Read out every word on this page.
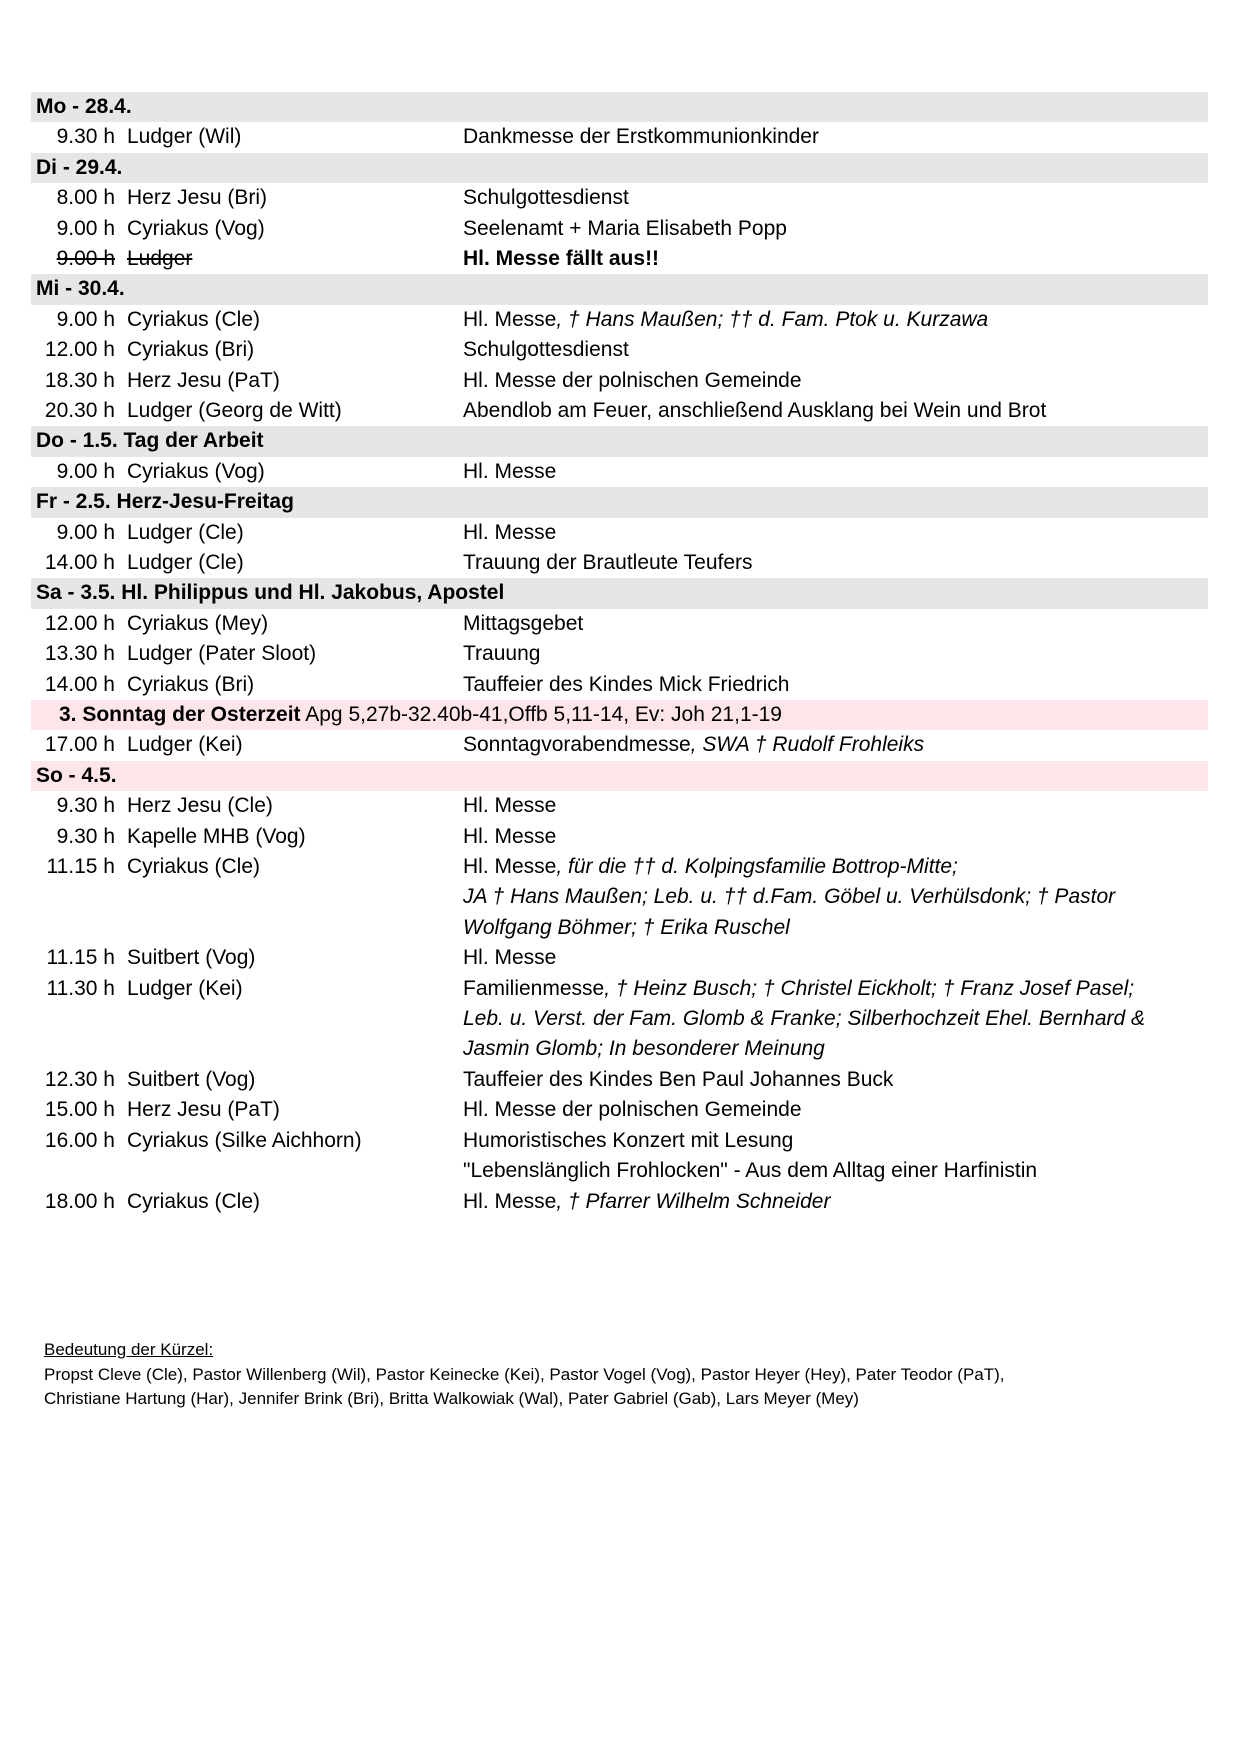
Mo - 28.4.
9.30 h Ludger (Wil)	Dankmesse der Erstkommunionkinder
Di - 29.4.
8.00 h Herz Jesu (Bri)	Schulgottesdienst
9.00 h Cyriakus (Vog)	Seelenamt + Maria Elisabeth Popp
9.00 h Ludger	Hl. Messe fällt aus!!
Mi - 30.4.
9.00 h Cyriakus (Cle)	Hl. Messe, † Hans Maußen; †† d. Fam. Ptok u. Kurzawa
12.00 h Cyriakus (Bri)	Schulgottesdienst
18.30 h Herz Jesu (PaT)	Hl. Messe der polnischen Gemeinde
20.30 h Ludger (Georg de Witt)	Abendlob am Feuer, anschließend Ausklang bei Wein und Brot
Do - 1.5. Tag der Arbeit
9.00 h Cyriakus (Vog)	Hl. Messe
Fr - 2.5. Herz-Jesu-Freitag
9.00 h Ludger (Cle)	Hl. Messe
14.00 h Ludger (Cle)	Trauung der Brautleute Teufers
Sa - 3.5. Hl. Philippus und Hl. Jakobus, Apostel
12.00 h Cyriakus (Mey)	Mittagsgebet
13.30 h Ludger (Pater Sloot)	Trauung
14.00 h Cyriakus (Bri)	Tauffeier des Kindes Mick Friedrich
3. Sonntag der Osterzeit Apg 5,27b-32.40b-41,Offb 5,11-14, Ev: Joh 21,1-19
17.00 h Ludger (Kei)	Sonntagvorabendmesse, SWA † Rudolf Frohleiks
So - 4.5.
9.30 h Herz Jesu (Cle)	Hl. Messe
9.30 h Kapelle MHB (Vog)	Hl. Messe
11.15 h Cyriakus (Cle)	Hl. Messe, für die †† d. Kolpingsfamilie Bottrop-Mitte;
JA † Hans Maußen; Leb. u. †† d.Fam. Göbel u. Verhülsdonk; † Pastor
Wolfgang Böhmer; † Erika Ruschel
11.15 h Suitbert (Vog)	Hl. Messe
11.30 h Ludger (Kei)	Familienmesse, † Heinz Busch; † Christel Eickholt; † Franz Josef Pasel;
Leb. u. Verst. der Fam. Glomb & Franke; Silberhochzeit Ehel. Bernhard &
Jasmin Glomb; In besonderer Meinung
12.30 h Suitbert (Vog)	Tauffeier des Kindes Ben Paul Johannes Buck
15.00 h Herz Jesu (PaT)	Hl. Messe der polnischen Gemeinde
16.00 h Cyriakus (Silke Aichhorn)	Humoristisches Konzert mit Lesung
"Lebenslänglich Frohlocken" - Aus dem Alltag einer Harfinistin
18.00 h Cyriakus (Cle)	Hl. Messe, † Pfarrer Wilhelm Schneider
Bedeutung der Kürzel:
Propst Cleve (Cle), Pastor Willenberg (Wil), Pastor Keinecke (Kei), Pastor Vogel (Vog), Pastor Heyer (Hey), Pater Teodor (PaT),
Christiane Hartung (Har), Jennifer Brink (Bri), Britta Walkowiak (Wal), Pater Gabriel (Gab), Lars Meyer (Mey)
